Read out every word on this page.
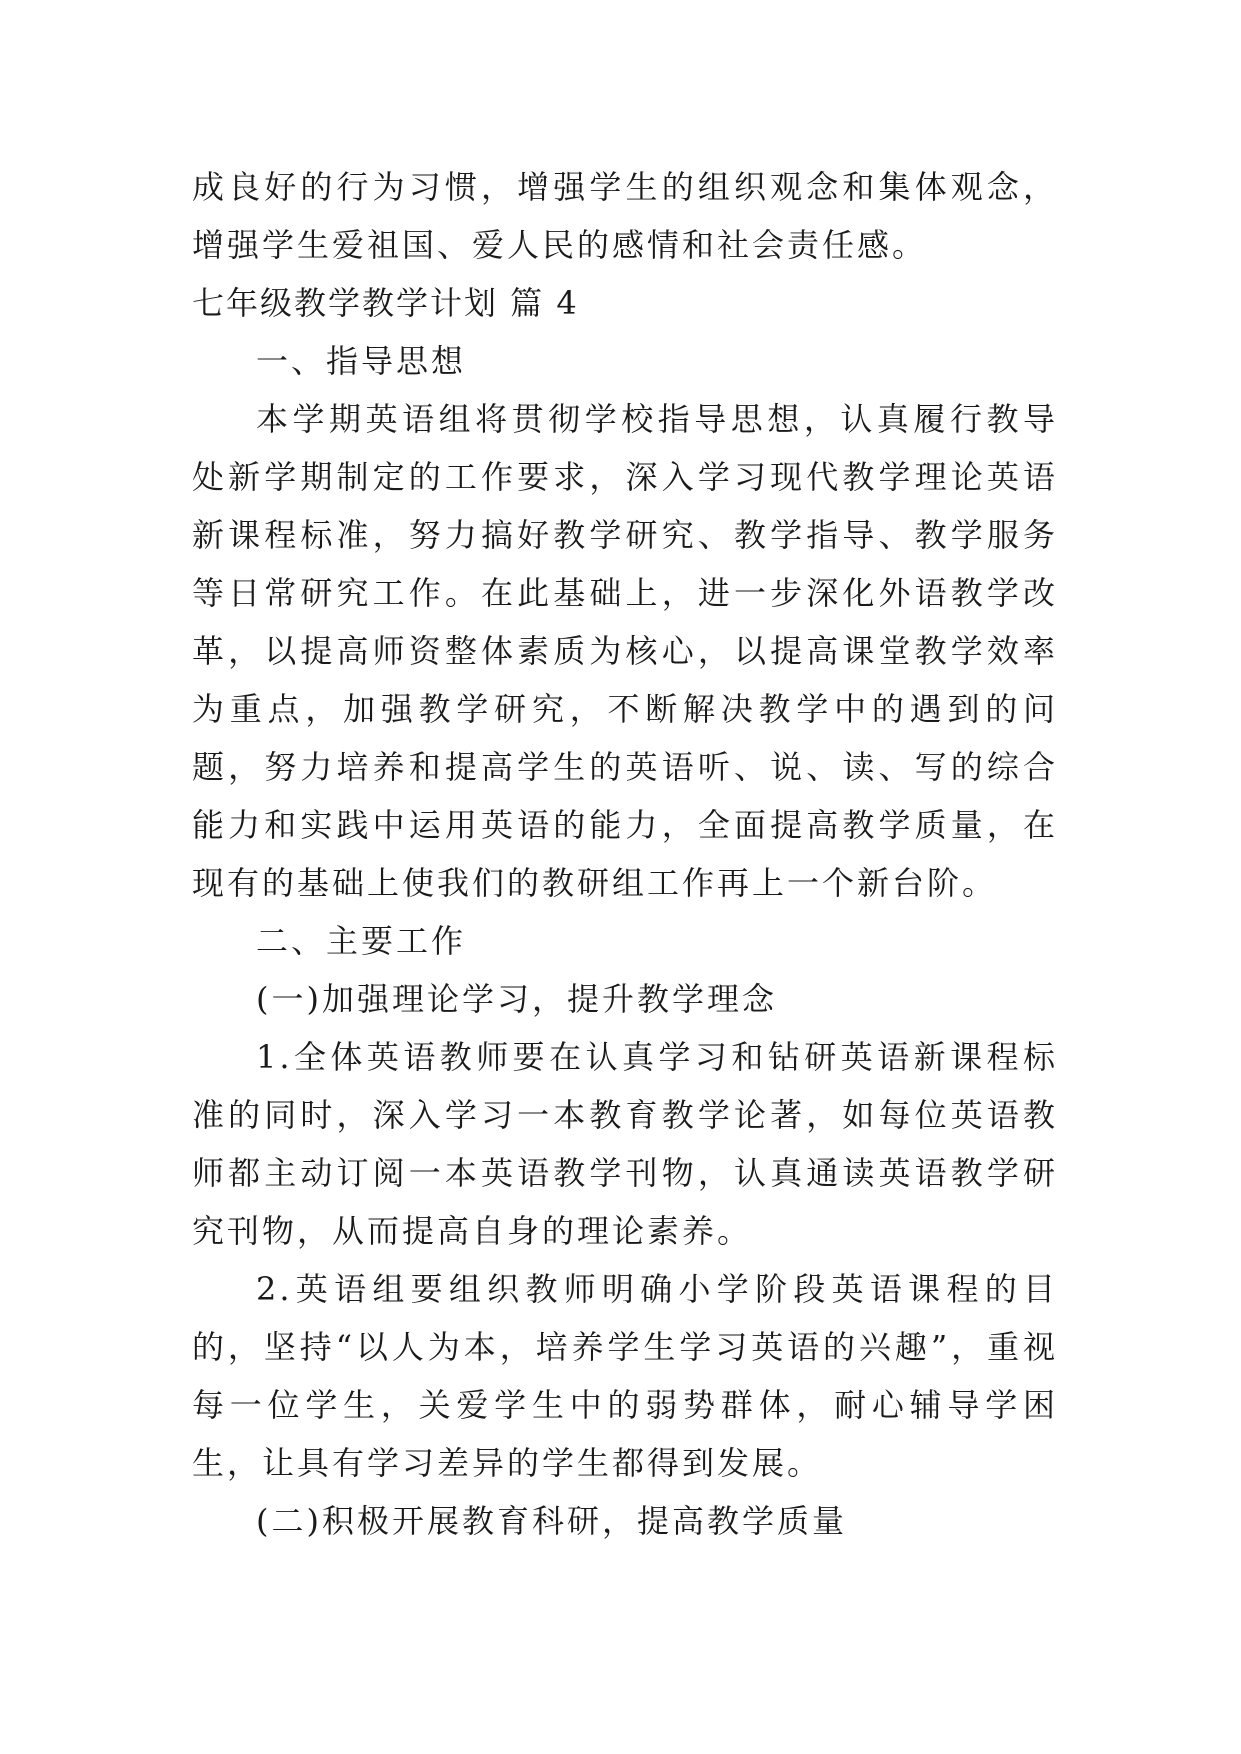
成良好的行为习惯，增强学生的组织观念和集体观念，增强学生爱祖国、爱人民的感情和社会责任感。

七年级教学教学计划 篇 4

一、指导思想

本学期英语组将贯彻学校指导思想，认真履行教导处新学期制定的工作要求，深入学习现代教学理论英语新课程标准，努力搞好教学研究、教学指导、教学服务等日常研究工作。在此基础上，进一步深化外语教学改革，以提高师资整体素质为核心，以提高课堂教学效率为重点，加强教学研究，不断解决教学中的遇到的问题，努力培养和提高学生的英语听、说、读、写的综合能力和实践中运用英语的能力，全面提高教学质量，在现有的基础上使我们的教研组工作再上一个新台阶。

二、主要工作

(一)加强理论学习，提升教学理念

1.全体英语教师要在认真学习和钻研英语新课程标准的同时，深入学习一本教育教学论著，如每位英语教师都主动订阅一本英语教学刊物，认真通读英语教学研究刊物，从而提高自身的理论素养。

2.英语组要组织教师明确小学阶段英语课程的目的，坚持“以人为本，培养学生学习英语的兴趣”，重视每一位学生，关爱学生中的弱势群体，耐心辅导学困生，让具有学习差异的学生都得到发展。

(二)积极开展教育科研，提高教学质量
